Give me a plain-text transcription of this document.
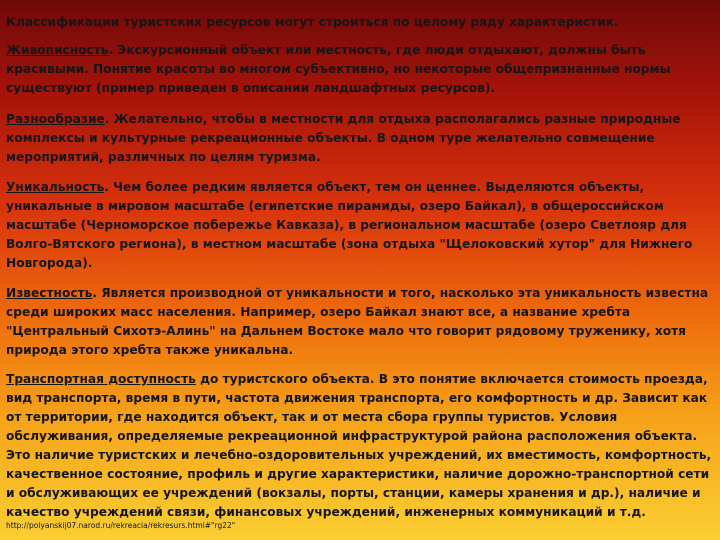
Классификации туристских ресурсов могут строиться по целому ряду характеристик.
Живописность. Экскурсионный объект или местность, где люди отдыхают, должны быть красивыми. Понятие красоты во многом субъективно, но некоторые общепризнанные нормы существуют (пример приведен в описании ландшафтных ресурсов).
Разнообразие. Желательно, чтобы в местности для отдыха располагались разные природные комплексы и культурные рекреационные объекты. В одном туре желательно совмещение мероприятий, различных по целям туризма.
Уникальность. Чем более редким является объект, тем он ценнее. Выделяются объекты, уникальные в мировом масштабе (египетские пирамиды, озеро Байкал), в общероссийском масштабе (Черноморское побережье Кавказа), в региональном масштабе (озеро Светлояр для Волго-Вятского региона), в местном масштабе (зона отдыха "Щелоковский хутор" для Нижнего Новгорода).
Известность. Является производной от уникальности и того, насколько эта уникальность известна среди широких масс населения. Например, озеро Байкал знают все, а название хребта "Центральный Сихотэ-Алинь" на Дальнем Востоке мало что говорит рядовому труженику, хотя природа этого хребта также уникальна.
Транспортная доступность до туристского объекта. В это понятие включается стоимость проезда, вид транспорта, время в пути, частота движения транспорта, его комфортность и др. Зависит как от территории, где находится объект, так и от места сбора группы туристов. Условия обслуживания, определяемые рекреационной инфраструктурой района расположения объекта.
Это наличие туристских и лечебно-оздоровительных учреждений, их вместимость, комфортность, качественное состояние, профиль и другие характеристики, наличие дорожно-транспортной сети и обслуживающих ее учреждений (вокзалы, порты, станции, камеры хранения и др.), наличие и качество учреждений связи, финансовых учреждений, инженерных коммуникаций и т.д.
http://polyanskij07.narod.ru/rekreacia/rekresurs.html#"rg22"
